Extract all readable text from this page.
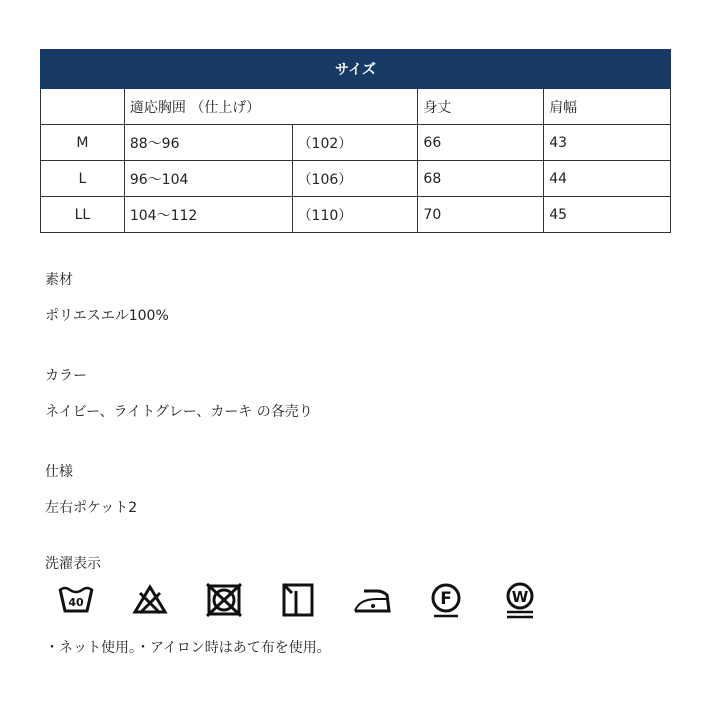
サイズ				
	適応胸囲 （仕上げ）		身丈	肩幅
M	88～96	（102）	66	43
L	96～104	（106）	68	44
LL	104～112	（110）	70	45
素材
ポリエスエル100%
カラー
ネイビー、ライトグレー、カーキ の各売り
仕様
左右ポケット2
洗濯表示
40	F	W
・ネット使用。・アイロン時はあて布を使用。
